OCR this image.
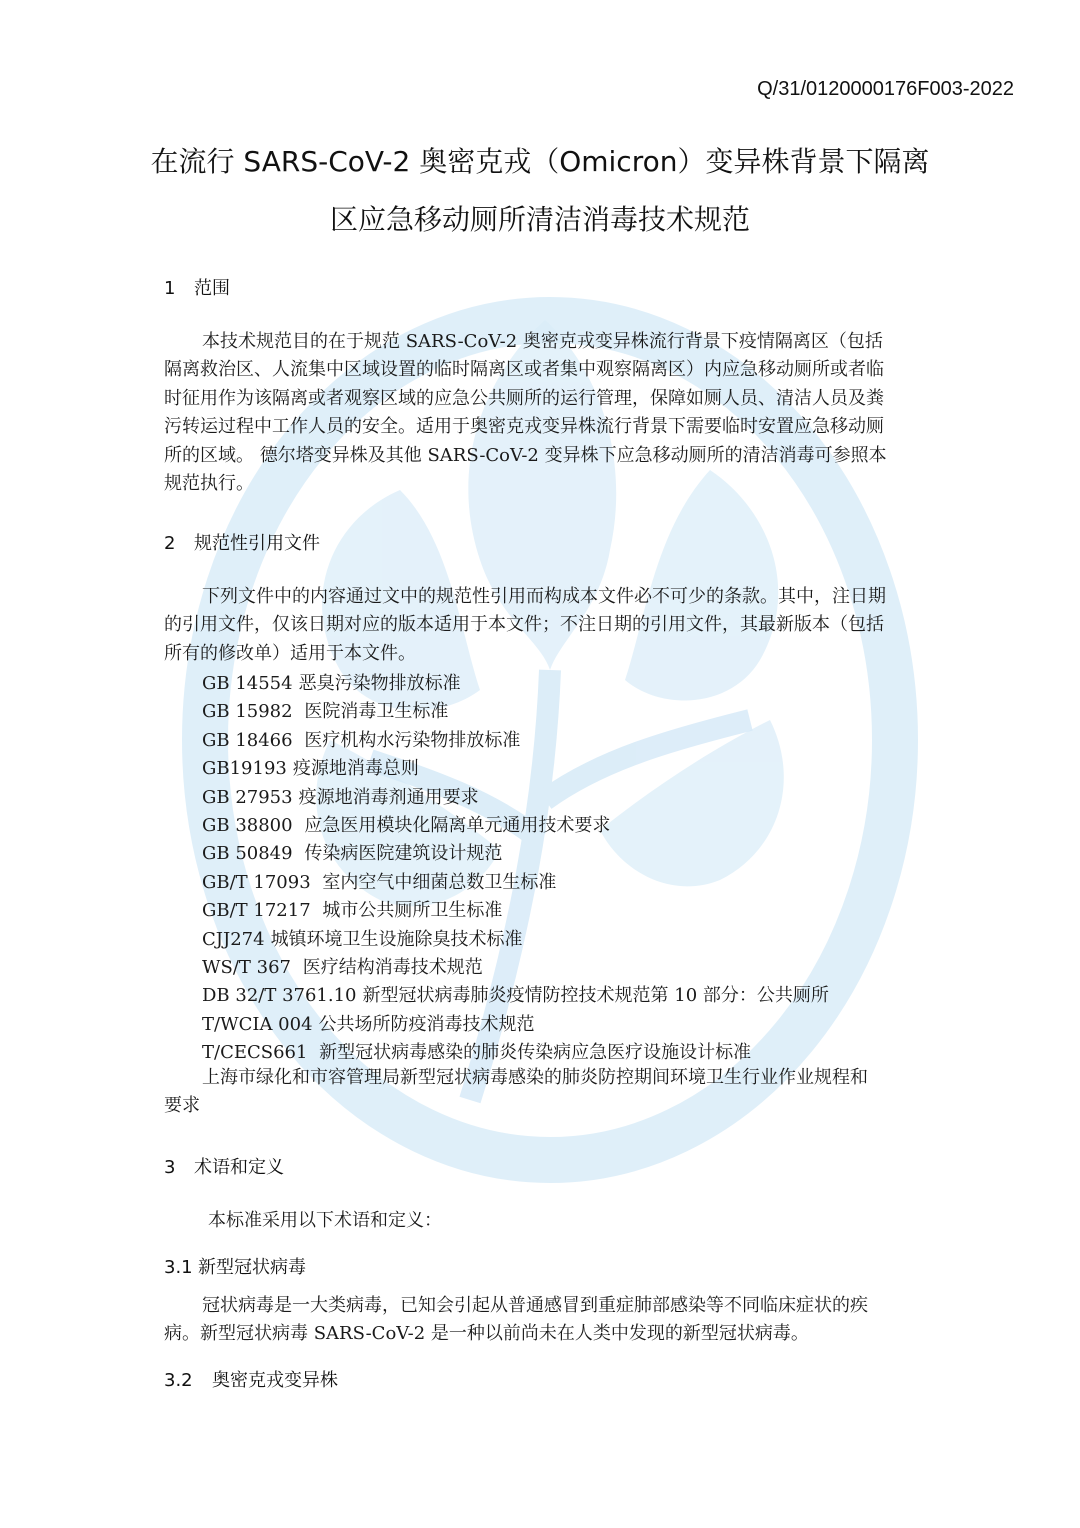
Q/31/0120000176F003-2022
在流行 SARS-CoV-2 奥密克戎（Omicron）变异株背景下隔离
区应急移动厕所清洁消毒技术规范
1 范围
本技术规范目的在于规范 SARS-CoV-2 奥密克戎变异株流行背景下疫情隔离区（包括
隔离救治区、人流集中区域设置的临时隔离区或者集中观察隔离区）内应急移动厕所或者临
时征用作为该隔离或者观察区域的应急公共厕所的运行管理，保障如厕人员、清洁人员及粪
污转运过程中工作人员的安全。适用于奥密克戎变异株流行背景下需要临时安置应急移动厕
所的区域。 德尔塔变异株及其他 SARS-CoV-2 变异株下应急移动厕所的清洁消毒可参照本
规范执行。
2 规范性引用文件
下列文件中的内容通过文中的规范性引用而构成本文件必不可少的条款。其中，注日期
的引用文件，仅该日期对应的版本适用于本文件；不注日期的引用文件，其最新版本（包括
所有的修改单）适用于本文件。
GB 14554 恶臭污染物排放标准
GB 15982 医院消毒卫生标准
GB 18466 医疗机构水污染物排放标准
GB19193 疫源地消毒总则
GB 27953 疫源地消毒剂通用要求
GB 38800 应急医用模块化隔离单元通用技术要求
GB 50849 传染病医院建筑设计规范
GB/T 17093 室内空气中细菌总数卫生标准
GB/T 17217 城市公共厕所卫生标准
CJJ274 城镇环境卫生设施除臭技术标准
WS/T 367 医疗结构消毒技术规范
DB 32/T 3761.10 新型冠状病毒肺炎疫情防控技术规范第 10 部分：公共厕所
T/WCIA 004 公共场所防疫消毒技术规范
T/CECS661 新型冠状病毒感染的肺炎传染病应急医疗设施设计标准
上海市绿化和市容管理局新型冠状病毒感染的肺炎防控期间环境卫生行业作业规程和
要求
3 术语和定义
本标准采用以下术语和定义：
3.1 新型冠状病毒
冠状病毒是一大类病毒，已知会引起从普通感冒到重症肺部感染等不同临床症状的疾
病。新型冠状病毒 SARS-CoV-2 是一种以前尚未在人类中发现的新型冠状病毒。
3.2 奥密克戎变异株
